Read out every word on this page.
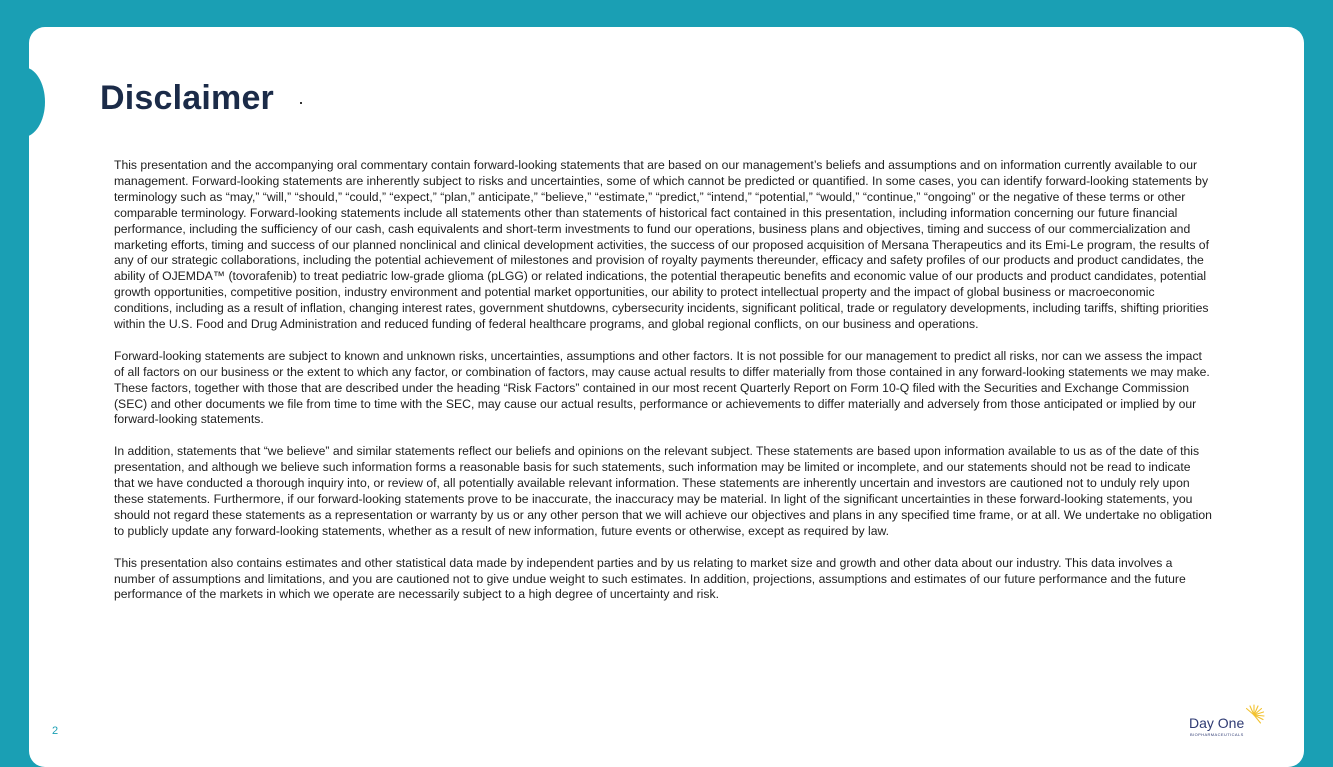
Disclaimer

This presentation and the accompanying oral commentary contain forward-looking statements that are based on our management’s beliefs and assumptions and on information currently available to our management. Forward-looking statements are inherently subject to risks and uncertainties, some of which cannot be predicted or quantified. In some cases, you can identify forward-looking statements by terminology such as “may,” “will,” “should,” “could,” “expect,” “plan,” anticipate,” “believe,” “estimate,” “predict,” “intend,” “potential,” “would,” “continue,” “ongoing” or the negative of these terms or other comparable terminology. Forward-looking statements include all statements other than statements of historical fact contained in this presentation, including information concerning our future financial performance, including the sufficiency of our cash, cash equivalents and short-term investments to fund our operations, business plans and objectives, timing and success of our commercialization and marketing efforts, timing and success of our planned nonclinical and clinical development activities, the success of our proposed acquisition of Mersana Therapeutics and its Emi-Le program, the results of any of our strategic collaborations, including the potential achievement of milestones and provision of royalty payments thereunder, efficacy and safety profiles of our products and product candidates, the ability of OJEMDA™ (tovorafenib) to treat pediatric low-grade glioma (pLGG) or related indications, the potential therapeutic benefits and economic value of our products and product candidates, potential growth opportunities, competitive position, industry environment and potential market opportunities, our ability to protect intellectual property and the impact of global business or macroeconomic conditions, including as a result of inflation, changing interest rates, government shutdowns, cybersecurity incidents, significant political, trade or regulatory developments, including tariffs, shifting priorities within the U.S. Food and Drug Administration and reduced funding of federal healthcare programs, and global regional conflicts, on our business and operations.

Forward-looking statements are subject to known and unknown risks, uncertainties, assumptions and other factors. It is not possible for our management to predict all risks, nor can we assess the impact of all factors on our business or the extent to which any factor, or combination of factors, may cause actual results to differ materially from those contained in any forward-looking statements we may make. These factors, together with those that are described under the heading “Risk Factors” contained in our most recent Quarterly Report on Form 10-Q filed with the Securities and Exchange Commission (SEC) and other documents we file from time to time with the SEC, may cause our actual results, performance or achievements to differ materially and adversely from those anticipated or implied by our forward-looking statements.

In addition, statements that “we believe” and similar statements reflect our beliefs and opinions on the relevant subject. These statements are based upon information available to us as of the date of this presentation, and although we believe such information forms a reasonable basis for such statements, such information may be limited or incomplete, and our statements should not be read to indicate that we have conducted a thorough inquiry into, or review of, all potentially available relevant information. These statements are inherently uncertain and investors are cautioned not to unduly rely upon these statements. Furthermore, if our forward-looking statements prove to be inaccurate, the inaccuracy may be material. In light of the significant uncertainties in these forward-looking statements, you should not regard these statements as a representation or warranty by us or any other person that we will achieve our objectives and plans in any specified time frame, or at all. We undertake no obligation to publicly update any forward-looking statements, whether as a result of new information, future events or otherwise, except as required by law.

This presentation also contains estimates and other statistical data made by independent parties and by us relating to market size and growth and other data about our industry. This data involves a number of assumptions and limitations, and you are cautioned not to give undue weight to such estimates. In addition, projections, assumptions and estimates of our future performance and the future performance of the markets in which we operate are necessarily subject to a high degree of uncertainty and risk.

2	Day One
BIOPHARMACEUTICALS
